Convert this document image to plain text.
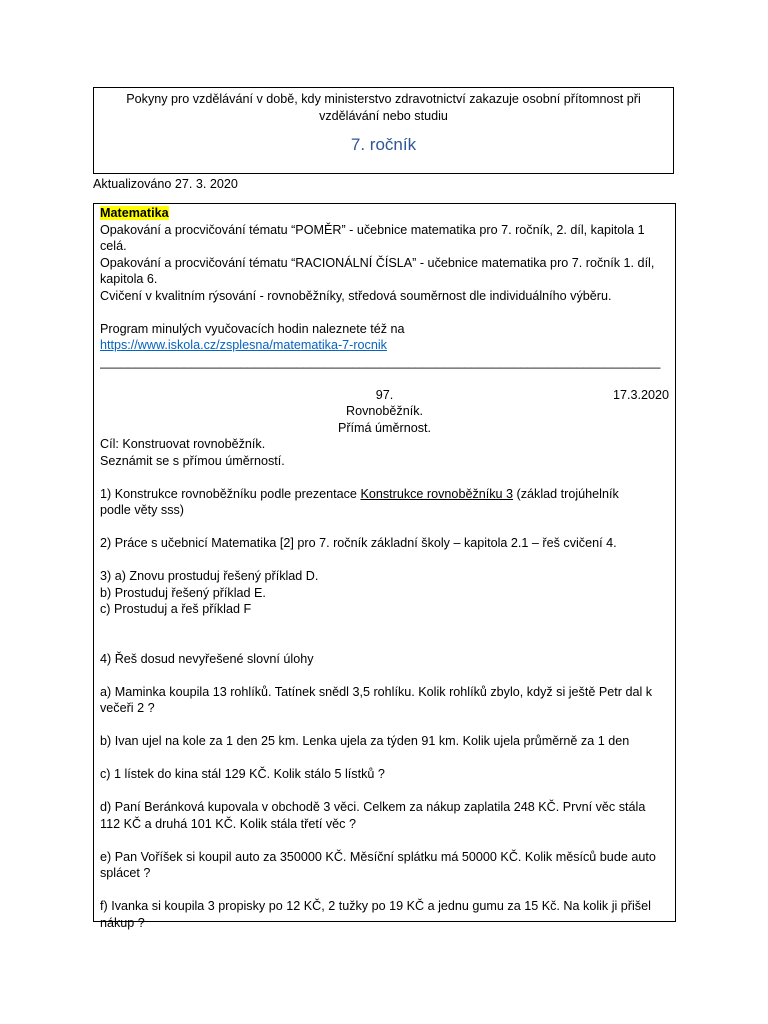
Pokyny pro vzdělávání v době, kdy ministerstvo zdravotnictví zakazuje osobní přítomnost při
vzdělávání nebo studiu
7. ročník
Aktualizováno 27. 3. 2020

Matematika

Opakování a procvičování tématu “POMĚR” - učebnice matematika pro 7. ročník, 2. díl, kapitola 1

celá.

Opakování a procvičování tématu “RACIONÁLNÍ ČÍSLA” - učebnice matematika pro 7. ročník 1. díl,

kapitola 6.

Cvičení v kvalitním rýsování - rovnoběžníky, středová souměrnost dle individuálního výběru.

Program minulých vyučovacích hodin naleznete též na

https://www.iskola.cz/zsplesna/matematika-7-rocnik

________________________________________________________________________________

97.	17.3.2020

Rovnoběžník.

Přímá úměrnost.

Cíl: Konstruovat rovnoběžník.

Seznámit se s přímou úměrností.

1) Konstrukce rovnoběžníku podle prezentace Konstrukce rovnoběžníku 3 (základ trojúhelník

podle věty sss)

2) Práce s učebnicí Matematika [2] pro 7. ročník základní školy – kapitola 2.1 – řeš cvičení 4.

3) a) Znovu prostuduj řešený příklad D.

b) Prostuduj řešený příklad E.

c) Prostuduj a řeš příklad F

4) Řeš dosud nevyřešené slovní úlohy

a) Maminka koupila 13 rohlíků. Tatínek snědl 3,5 rohlíku. Kolik rohlíků zbylo, když si ještě Petr dal k

večeři 2 ?

b) Ivan ujel na kole za 1 den 25 km. Lenka ujela za týden 91 km. Kolik ujela průměrně za 1 den

c) 1 lístek do kina stál 129 KČ. Kolik stálo 5 lístků ?

d) Paní Beránková kupovala v obchodě 3 věci. Celkem za nákup zaplatila 248 KČ. První věc stála

112 KČ a druhá 101 KČ. Kolik stála třetí věc ?

e) Pan Voříšek si koupil auto za 350000 KČ. Měsíční splátku má 50000 KČ. Kolik měsíců bude auto

splácet ?

f) Ivanka si koupila 3 propisky po 12 KČ, 2 tužky po 19 KČ a jednu gumu za 15 Kč. Na kolik ji přišel

nákup ?
